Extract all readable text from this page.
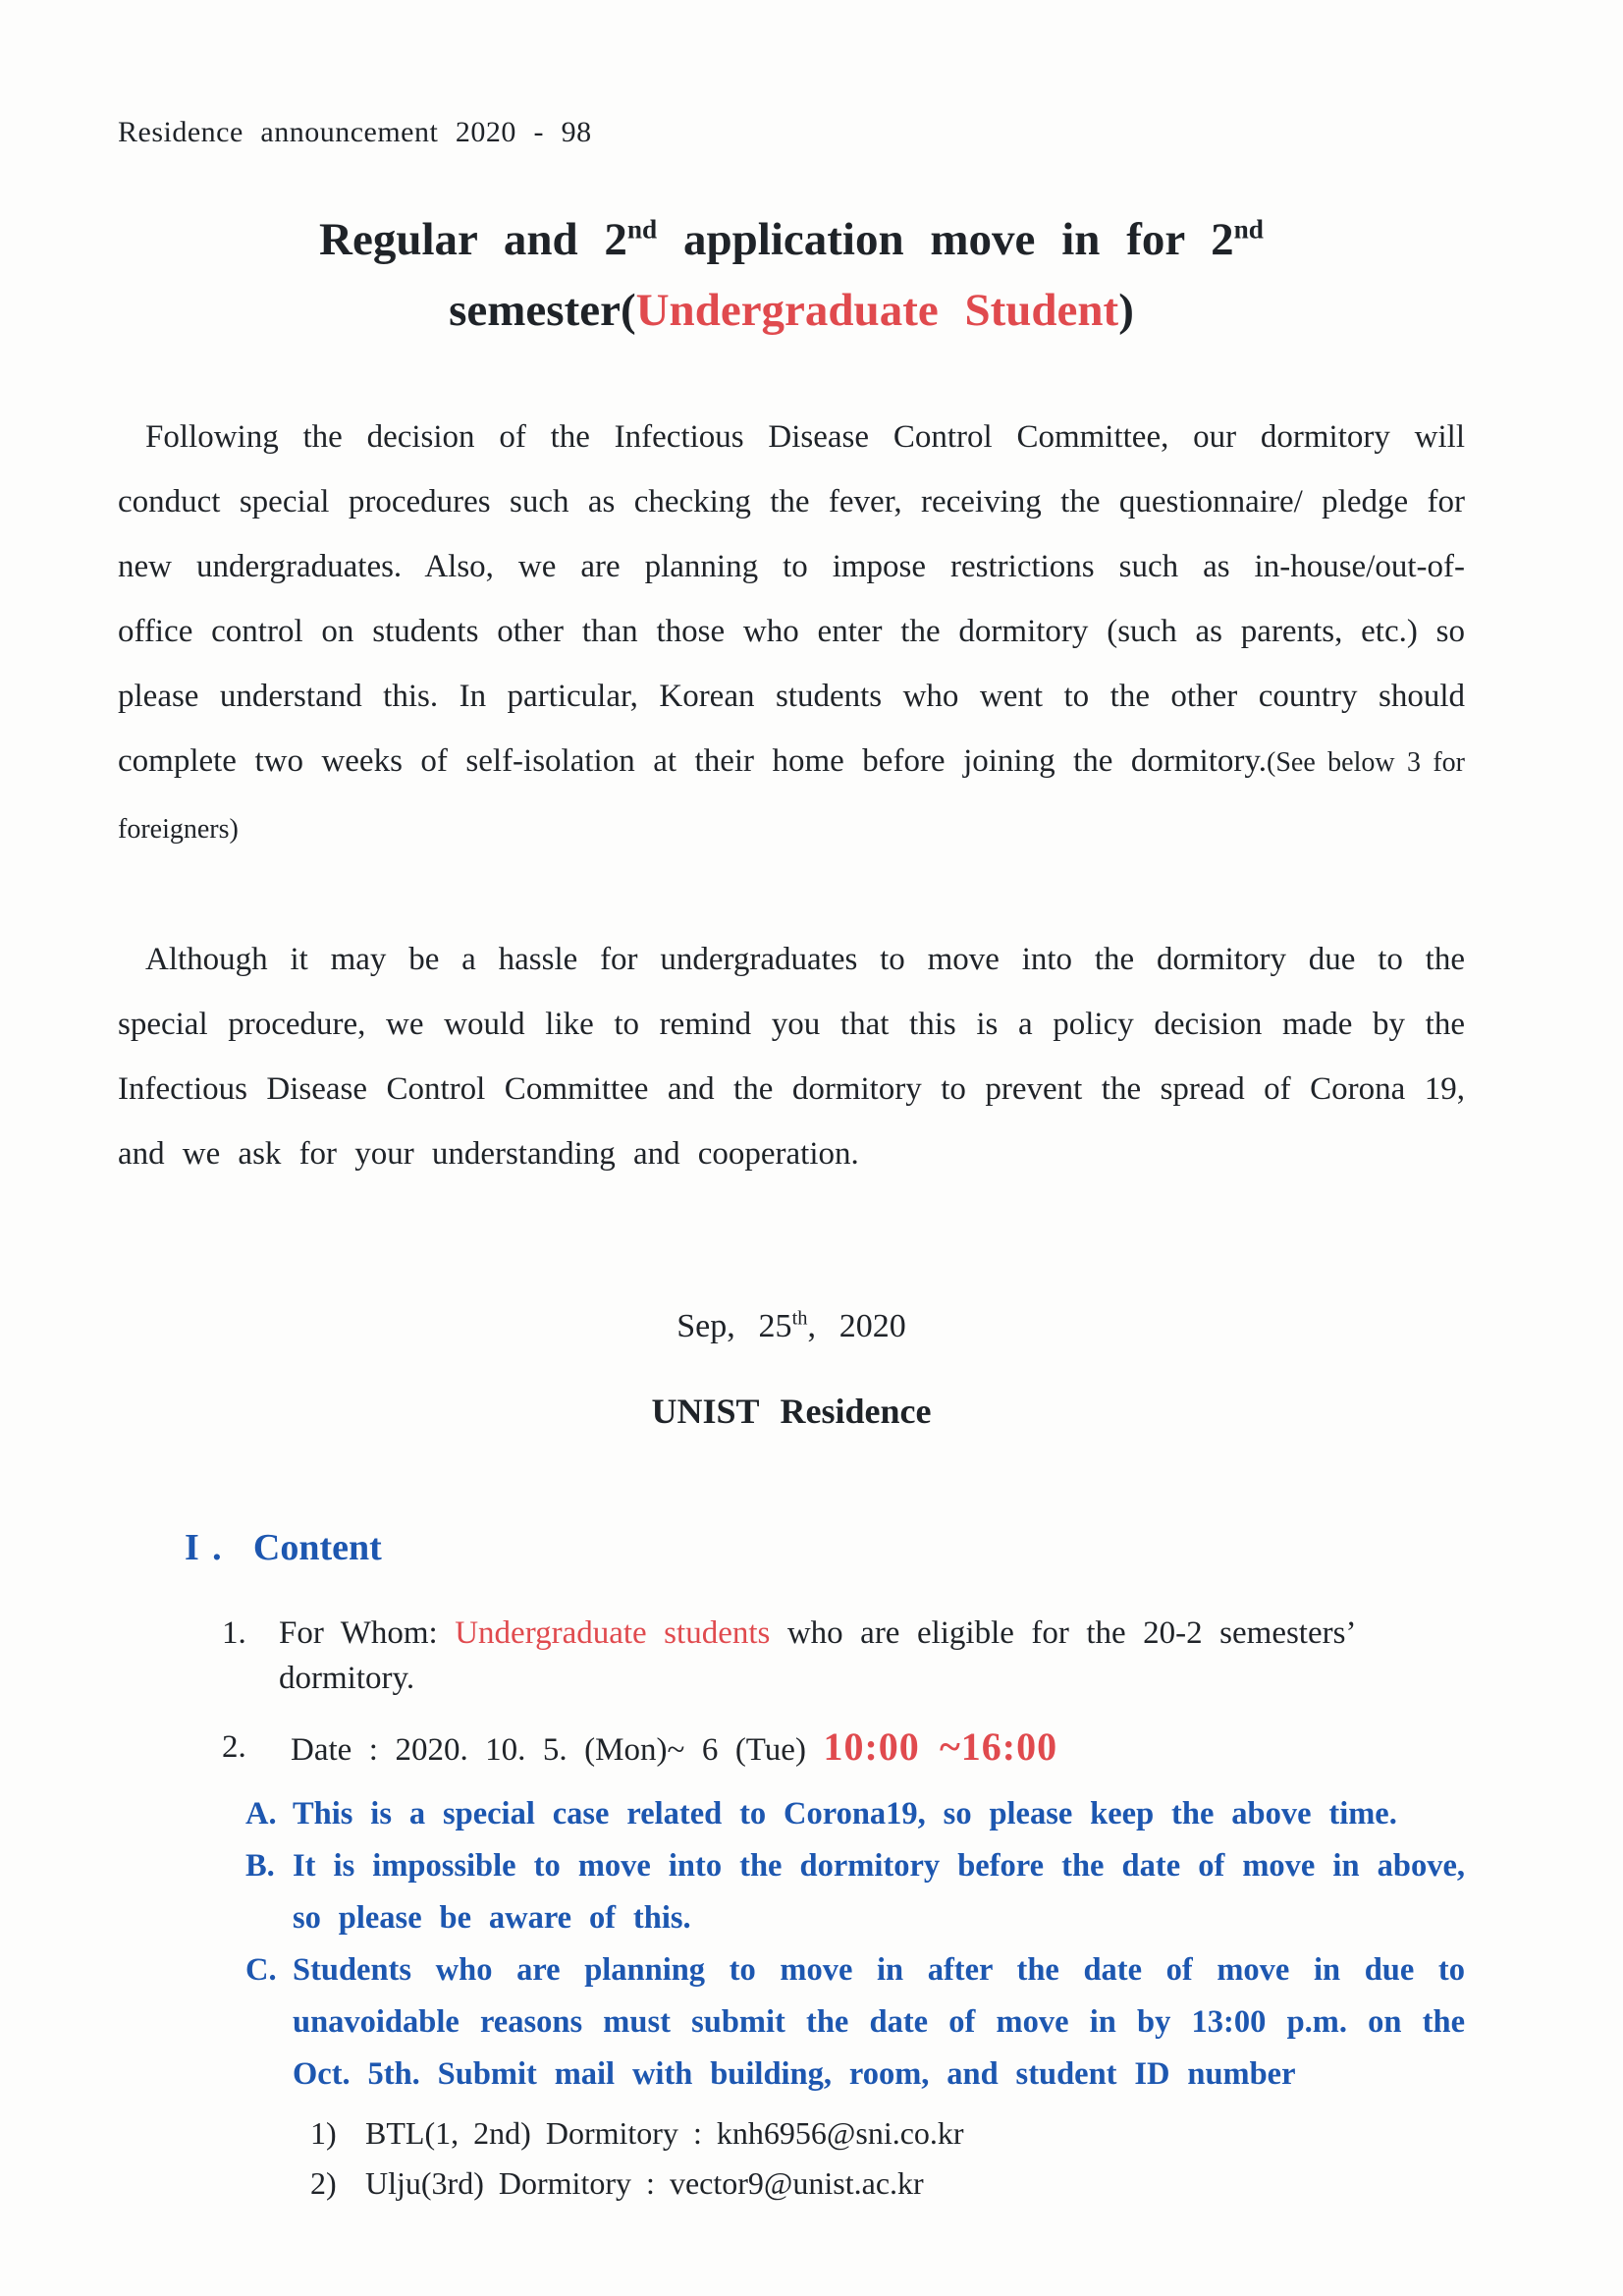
Residence announcement 2020 - 98
Regular and 2nd application move in for 2nd
semester(Undergraduate Student)
Following the decision of the Infectious Disease Control Committee, our dormitory will conduct special procedures such as checking the fever, receiving the questionnaire/ pledge for new undergraduates. Also, we are planning to impose restrictions such as in-house/out-of-office control on students other than those who enter the dormitory (such as parents, etc.) so please understand this. In particular, Korean students who went to the other country should complete two weeks of self-isolation at their home before joining the dormitory.(See below 3 for foreigners)
Although it may be a hassle for undergraduates to move into the dormitory due to the special procedure, we would like to remind you that this is a policy decision made by the Infectious Disease Control Committee and the dormitory to prevent the spread of Corona 19, and we ask for your understanding and cooperation.
Sep, 25th, 2020
UNIST Residence
I. Content
1.	For Whom: Undergraduate students who are eligible for the 20-2 semesters’ dormitory.
2.	Date : 2020. 10. 5. (Mon)~ 6 (Tue) 10:00 ~16:00
A. This is a special case related to Corona19, so please keep the above time.
B. It is impossible to move into the dormitory before the date of move in above, so please be aware of this.
C. Students who are planning to move in after the date of move in due to unavoidable reasons must submit the date of move in by 13:00 p.m. on the Oct. 5th. Submit mail with building, room, and student ID number
1) BTL(1, 2nd) Dormitory : knh6956@sni.co.kr
2) Ulju(3rd) Dormitory : vector9@unist.ac.kr
